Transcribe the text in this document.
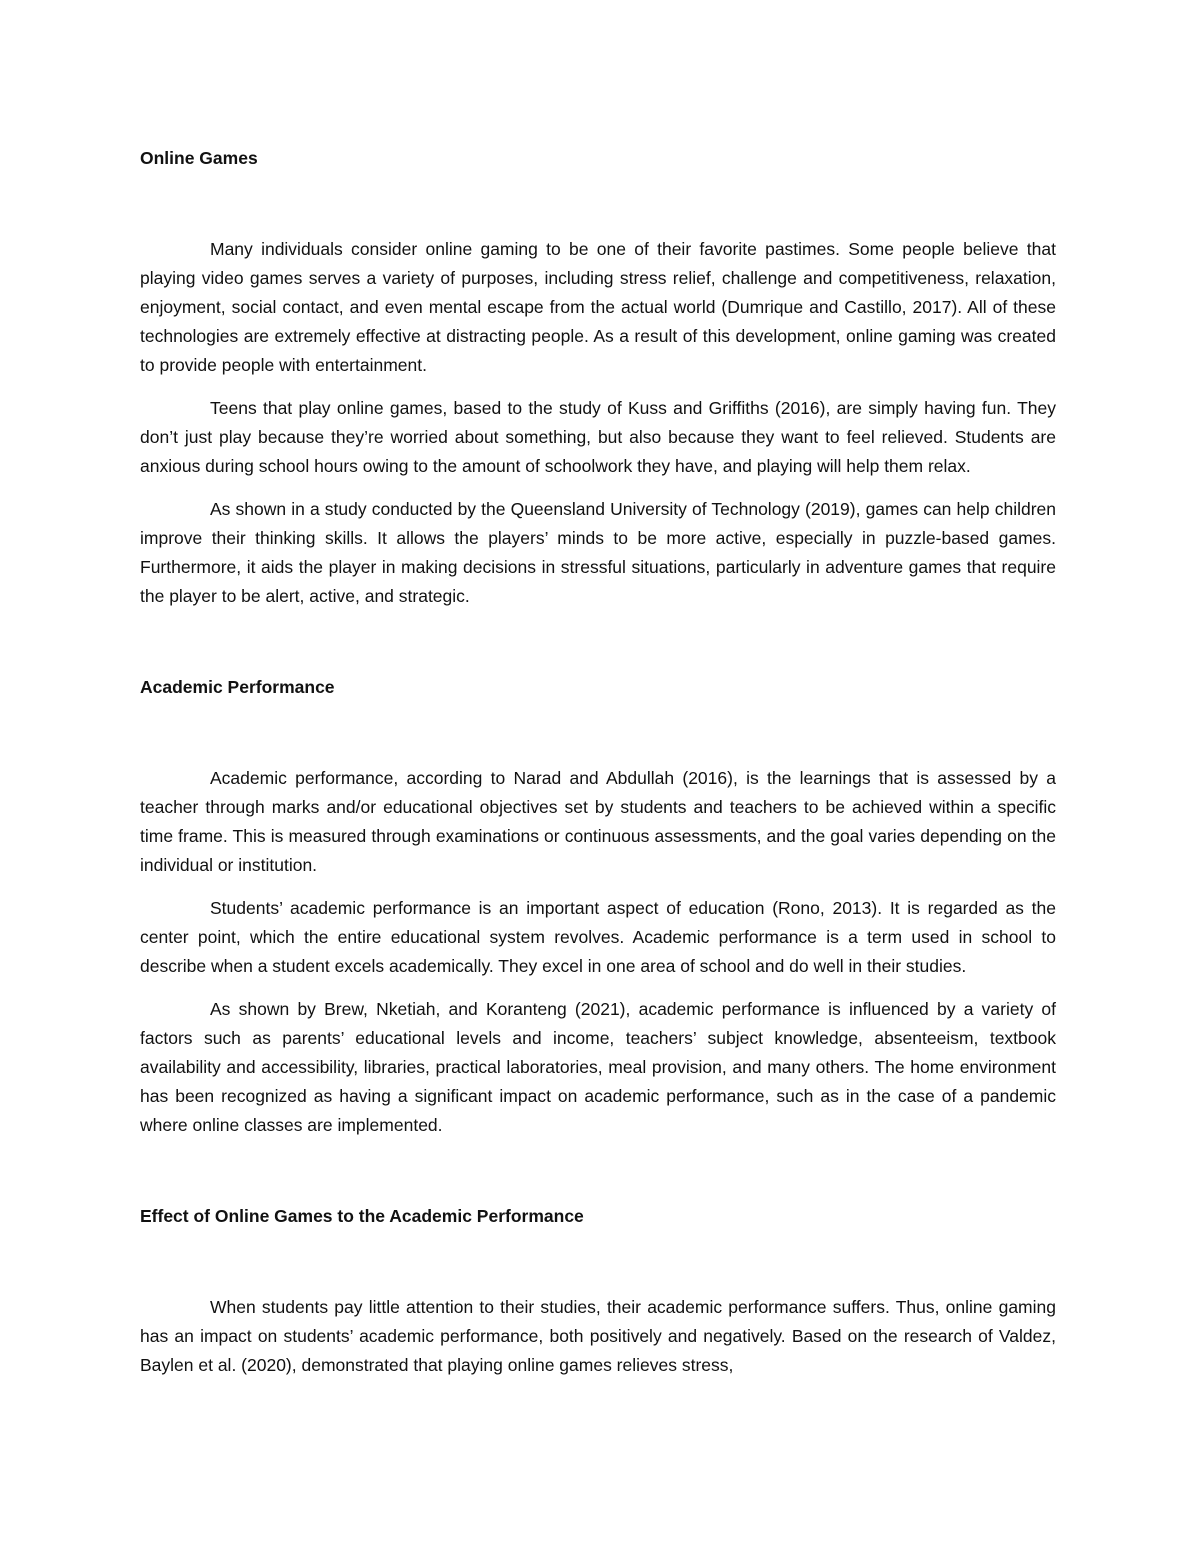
Online Games

Many individuals consider online gaming to be one of their favorite pastimes. Some people believe that playing video games serves a variety of purposes, including stress relief, challenge and competitiveness, relaxation, enjoyment, social contact, and even mental escape from the actual world (Dumrique and Castillo, 2017). All of these technologies are extremely effective at distracting people. As a result of this development, online gaming was created to provide people with entertainment.

Teens that play online games, based to the study of Kuss and Griffiths (2016), are simply having fun. They don’t just play because they’re worried about something, but also because they want to feel relieved. Students are anxious during school hours owing to the amount of schoolwork they have, and playing will help them relax.

As shown in a study conducted by the Queensland University of Technology (2019), games can help children improve their thinking skills. It allows the players’ minds to be more active, especially in puzzle-based games. Furthermore, it aids the player in making decisions in stressful situations, particularly in adventure games that require the player to be alert, active, and strategic.

Academic Performance

Academic performance, according to Narad and Abdullah (2016), is the learnings that is assessed by a teacher through marks and/or educational objectives set by students and teachers to be achieved within a specific time frame. This is measured through examinations or continuous assessments, and the goal varies depending on the individual or institution.

Students’ academic performance is an important aspect of education (Rono, 2013). It is regarded as the center point, which the entire educational system revolves. Academic performance is a term used in school to describe when a student excels academically. They excel in one area of school and do well in their studies.

As shown by Brew, Nketiah, and Koranteng (2021), academic performance is influenced by a variety of factors such as parents’ educational levels and income, teachers’ subject knowledge, absenteeism, textbook availability and accessibility, libraries, practical laboratories, meal provision, and many others. The home environment has been recognized as having a significant impact on academic performance, such as in the case of a pandemic where online classes are implemented.

Effect of Online Games to the Academic Performance

When students pay little attention to their studies, their academic performance suffers. Thus, online gaming has an impact on students’ academic performance, both positively and negatively. Based on the research of Valdez, Baylen et al. (2020), demonstrated that playing online games relieves stress,
